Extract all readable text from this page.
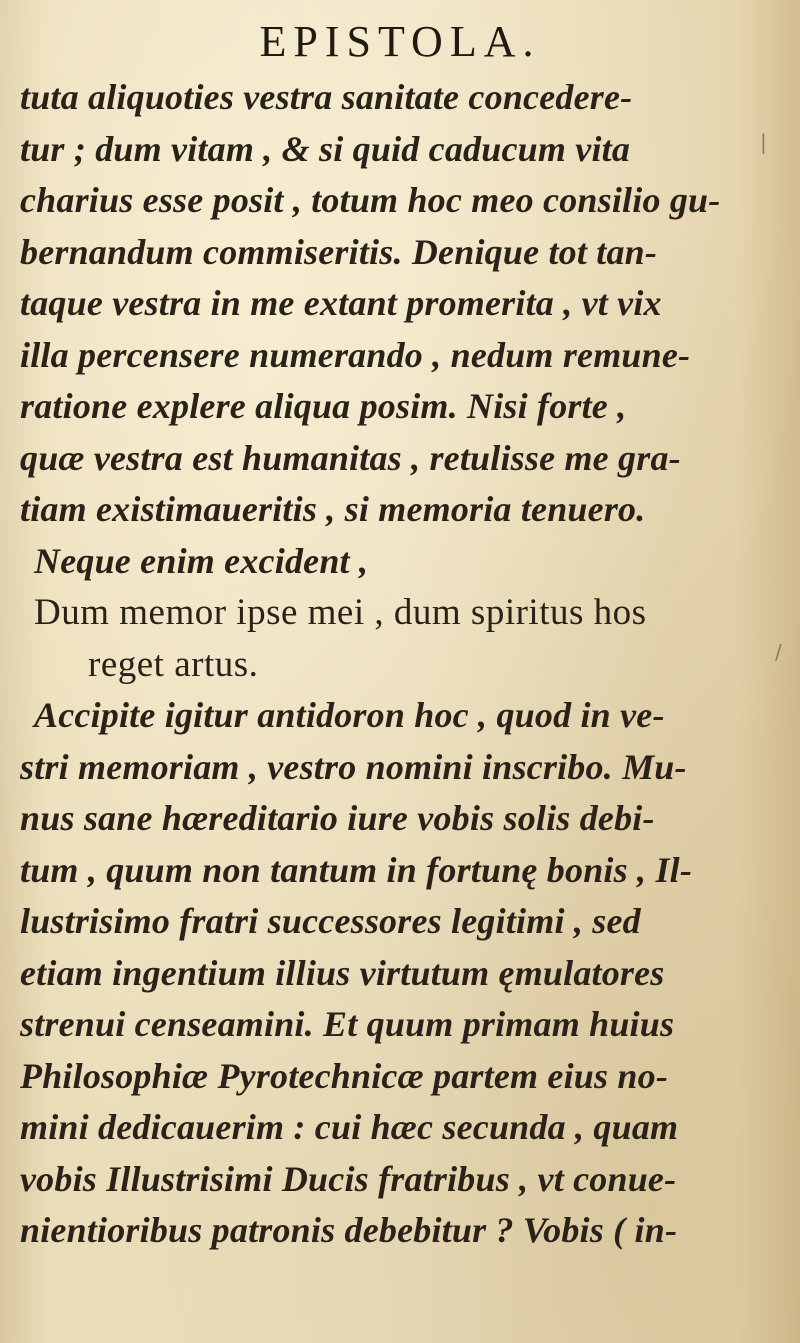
EPISTOLA.
tuta aliquoties vestra sanitate concedere-
tur ; dum vitam , & si quid caducum vita
charius esse posit , totum hoc meo consilio gu-
bernandum commiseritis. Denique tot tan-
taque vestra in me extant promerita , vt vix
illa percensere numerando , nedum remune-
ratione explere aliqua posim. Nisi forte ,
quæ vestra est humanitas , retulisse me gra-
tiam existimaueritis , si memoria tenuero.
Neque enim excident ,
Dum memor ipse mei , dum spiritus hos
reget artus.
Accipite igitur antidoron hoc , quod in ve-
stri memoriam , vestro nomini inscribo. Mu-
nus sane hæreditario iure vobis solis debi-
tum , quum non tantum in fortunę bonis , Il-
lustrisimo fratri successores legitimi , sed
etiam ingentium illius virtutum ęmulatores
strenui censeamini. Et quum primam huius
Philosophiæ Pyrotechnicæ partem eius no-
mini dedicauerim : cui hæc secunda , quam
vobis Illustrisimi Ducis fratribus , vt conue-
nientioribus patronis debebitur ? Vobis ( in-
|
/
